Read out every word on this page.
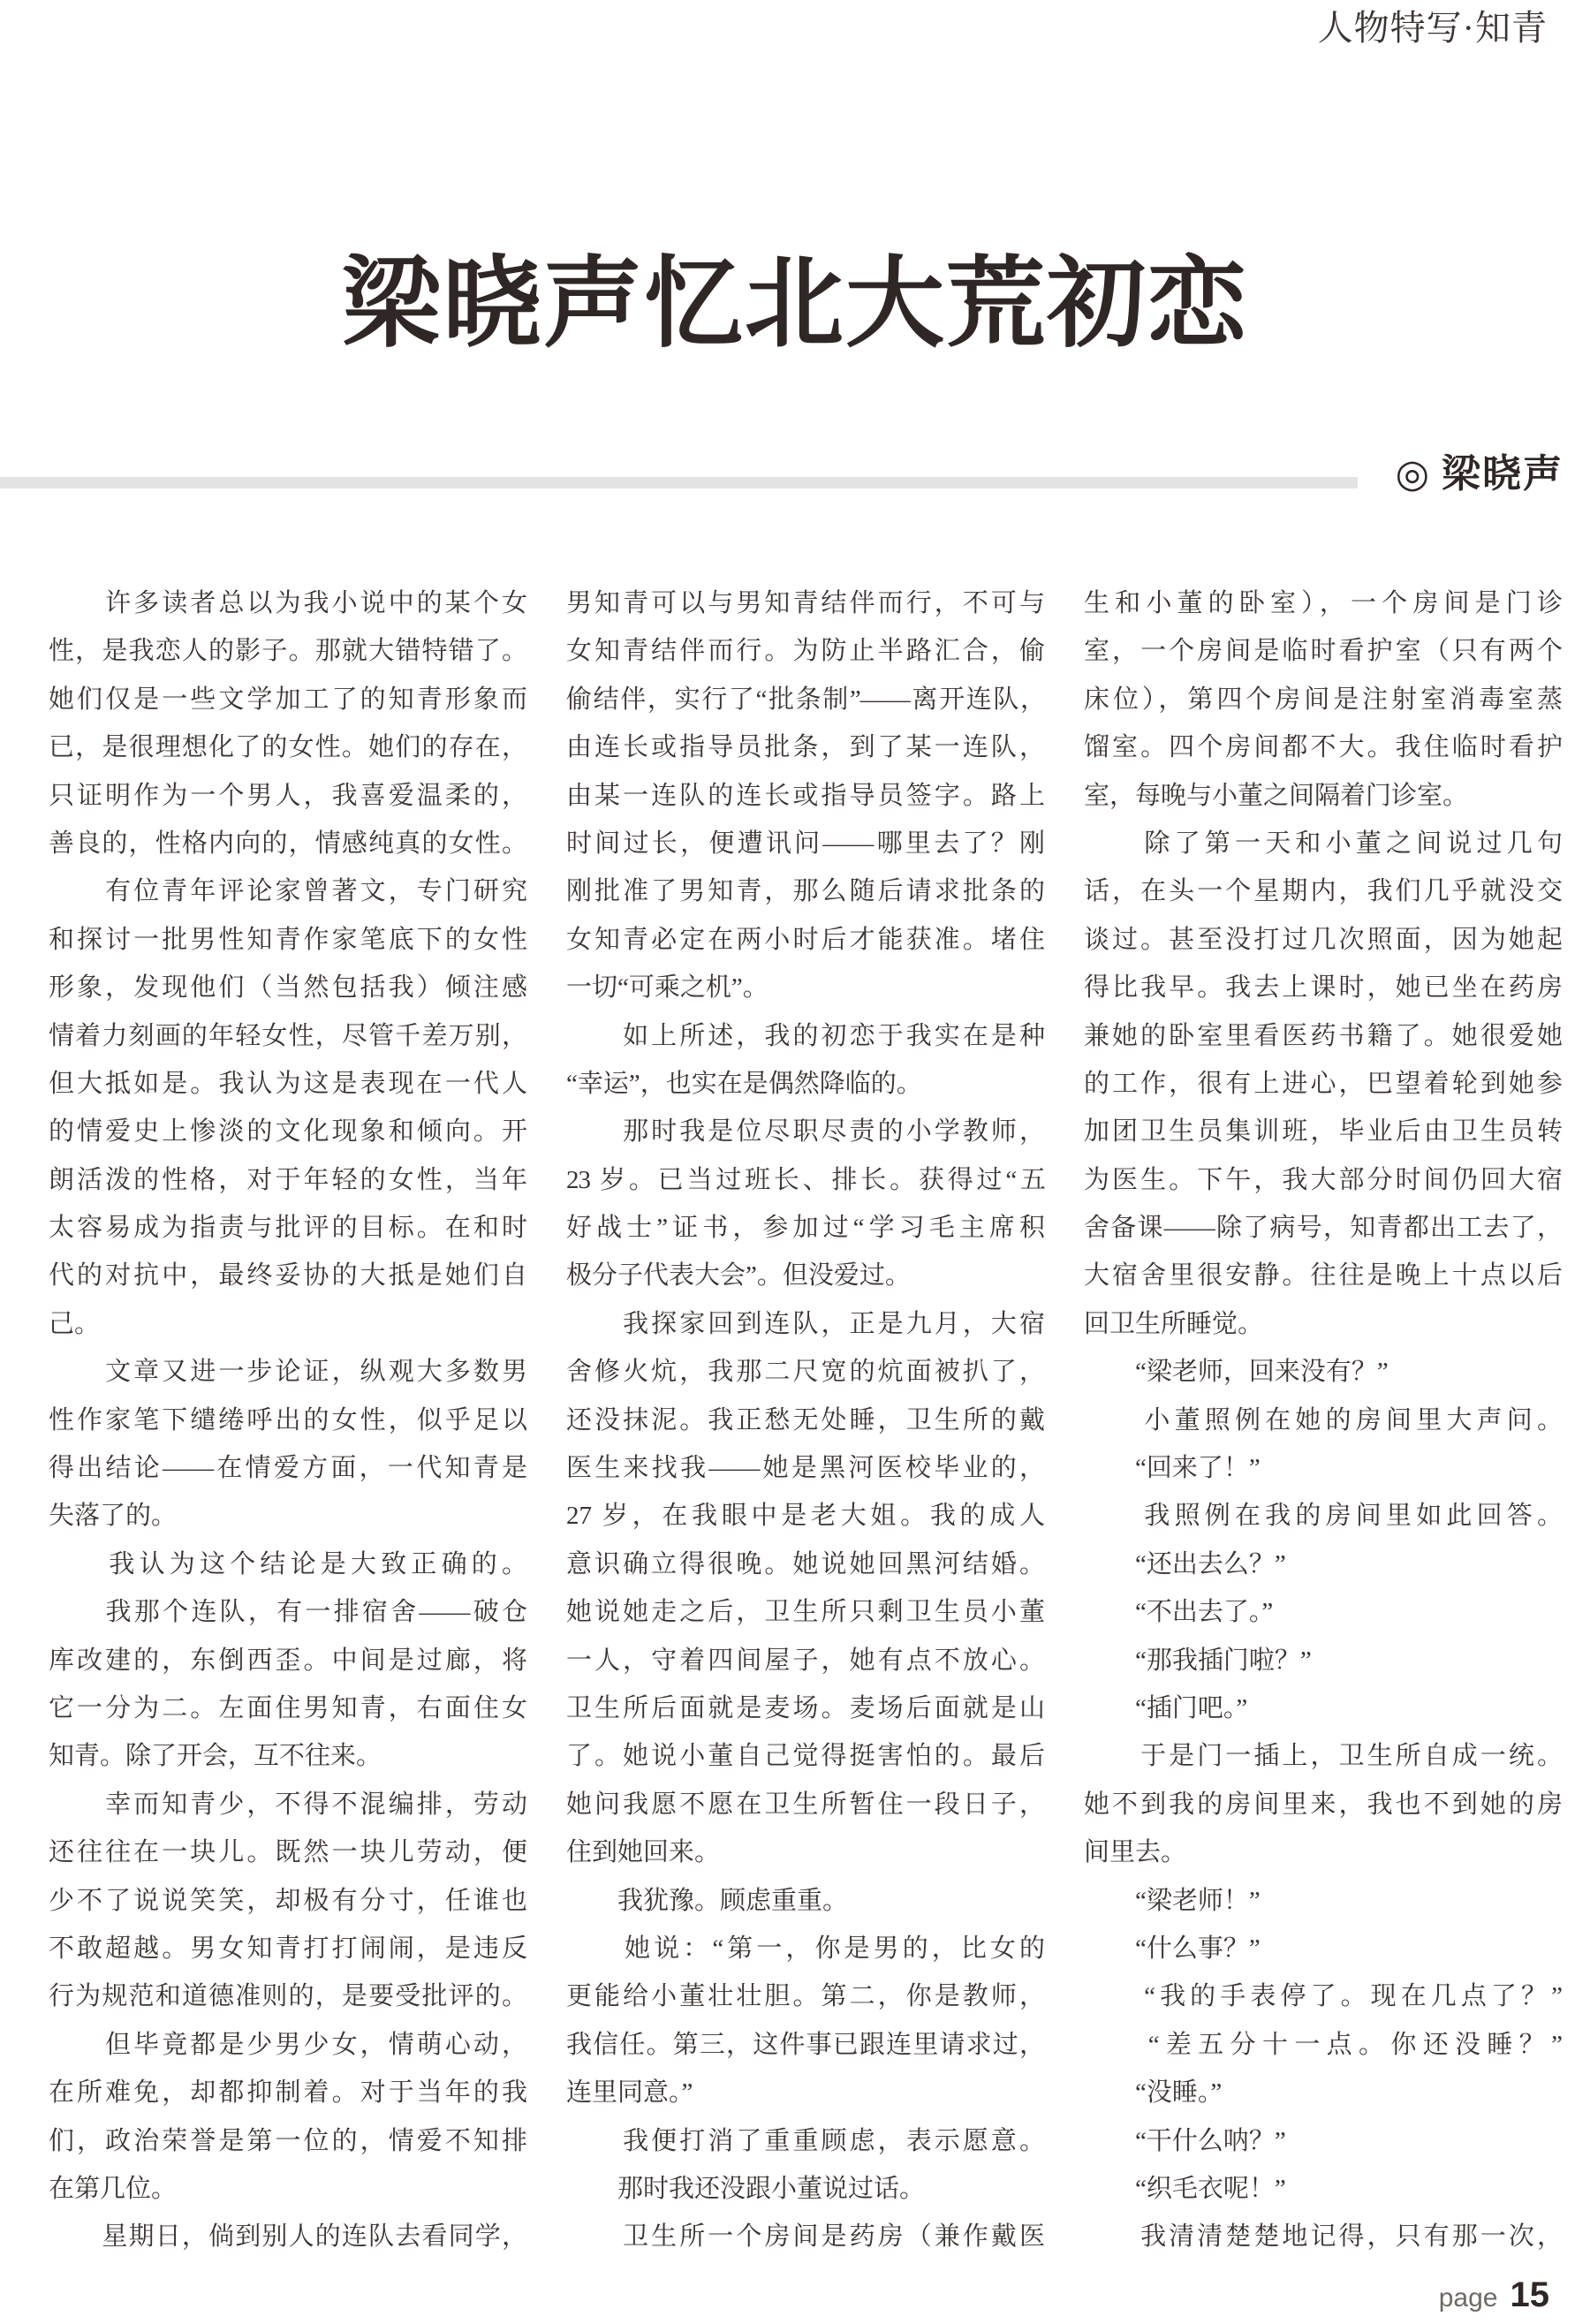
人物特写·知青
梁晓声忆北大荒初恋
◎ 梁晓声
　　许多读者总以为我小说中的某个女
性，是我恋人的影子。那就大错特错了。
她们仅是一些文学加工了的知青形象而
已，是很理想化了的女性。她们的存在，
只证明作为一个男人，我喜爱温柔的，
善良的，性格内向的，情感纯真的女性。
　　有位青年评论家曾著文，专门研究
和探讨一批男性知青作家笔底下的女性
形象，发现他们（当然包括我）倾注感
情着力刻画的年轻女性，尽管千差万别，
但大抵如是。我认为这是表现在一代人
的情爱史上惨淡的文化现象和倾向。开
朗活泼的性格，对于年轻的女性，当年
太容易成为指责与批评的目标。在和时
代的对抗中，最终妥协的大抵是她们自
己。
　　文章又进一步论证，纵观大多数男
性作家笔下缱绻呼出的女性，似乎足以
得出结论——在情爱方面，一代知青是
失落了的。
　　我认为这个结论是大致正确的。
　　我那个连队，有一排宿舍——破仓
库改建的，东倒西歪。中间是过廊，将
它一分为二。左面住男知青，右面住女
知青。除了开会，互不往来。
　　幸而知青少，不得不混编排，劳动
还往往在一块儿。既然一块儿劳动，便
少不了说说笑笑，却极有分寸，任谁也
不敢超越。男女知青打打闹闹，是违反
行为规范和道德准则的，是要受批评的。
　　但毕竟都是少男少女，情萌心动，
在所难免，却都抑制着。对于当年的我
们，政治荣誉是第一位的，情爱不知排
在第几位。
　　星期日，倘到别人的连队去看同学，
男知青可以与男知青结伴而行，不可与
女知青结伴而行。为防止半路汇合，偷
偷结伴，实行了“批条制”——离开连队，
由连长或指导员批条，到了某一连队，
由某一连队的连长或指导员签字。路上
时间过长，便遭讯问——哪里去了？刚
刚批准了男知青，那么随后请求批条的
女知青必定在两小时后才能获准。堵住
一切“可乘之机”。
　　如上所述，我的初恋于我实在是种
“幸运”，也实在是偶然降临的。
　　那时我是位尽职尽责的小学教师，
23 岁。已当过班长、排长。获得过“五
好战士”证书，参加过“学习毛主席积
极分子代表大会”。但没爱过。
　　我探家回到连队，正是九月，大宿
舍修火炕，我那二尺宽的炕面被扒了，
还没抹泥。我正愁无处睡，卫生所的戴
医生来找我——她是黑河医校毕业的，
27 岁，在我眼中是老大姐。我的成人
意识确立得很晚。她说她回黑河结婚。
她说她走之后，卫生所只剩卫生员小董
一人，守着四间屋子，她有点不放心。
卫生所后面就是麦场。麦场后面就是山
了。她说小董自己觉得挺害怕的。最后
她问我愿不愿在卫生所暂住一段日子，
住到她回来。
　　我犹豫。顾虑重重。
　　她说：“第一，你是男的，比女的
更能给小董壮壮胆。第二，你是教师，
我信任。第三，这件事已跟连里请求过，
连里同意。”
　　我便打消了重重顾虑，表示愿意。
　　那时我还没跟小董说过话。
　　卫生所一个房间是药房（兼作戴医
生和小董的卧室），一个房间是门诊
室，一个房间是临时看护室（只有两个
床位），第四个房间是注射室消毒室蒸
馏室。四个房间都不大。我住临时看护
室，每晚与小董之间隔着门诊室。
　　除了第一天和小董之间说过几句
话，在头一个星期内，我们几乎就没交
谈过。甚至没打过几次照面，因为她起
得比我早。我去上课时，她已坐在药房
兼她的卧室里看医药书籍了。她很爱她
的工作，很有上进心，巴望着轮到她参
加团卫生员集训班，毕业后由卫生员转
为医生。下午，我大部分时间仍回大宿
舍备课——除了病号，知青都出工去了，
大宿舍里很安静。往往是晚上十点以后
回卫生所睡觉。
　　“梁老师，回来没有？”
　　小董照例在她的房间里大声问。
　　“回来了！”
　　我照例在我的房间里如此回答。
　　“还出去么？”
　　“不出去了。”
　　“那我插门啦？”
　　“插门吧。”
　　于是门一插上，卫生所自成一统。
她不到我的房间里来，我也不到她的房
间里去。
　　“梁老师！”
　　“什么事？”
　　“我的手表停了。现在几点了？”
　　“差五分十一点。你还没睡？”
　　“没睡。”
　　“干什么呐？”
　　“织毛衣呢！”
　　我清清楚楚地记得，只有那一次，
page 15
